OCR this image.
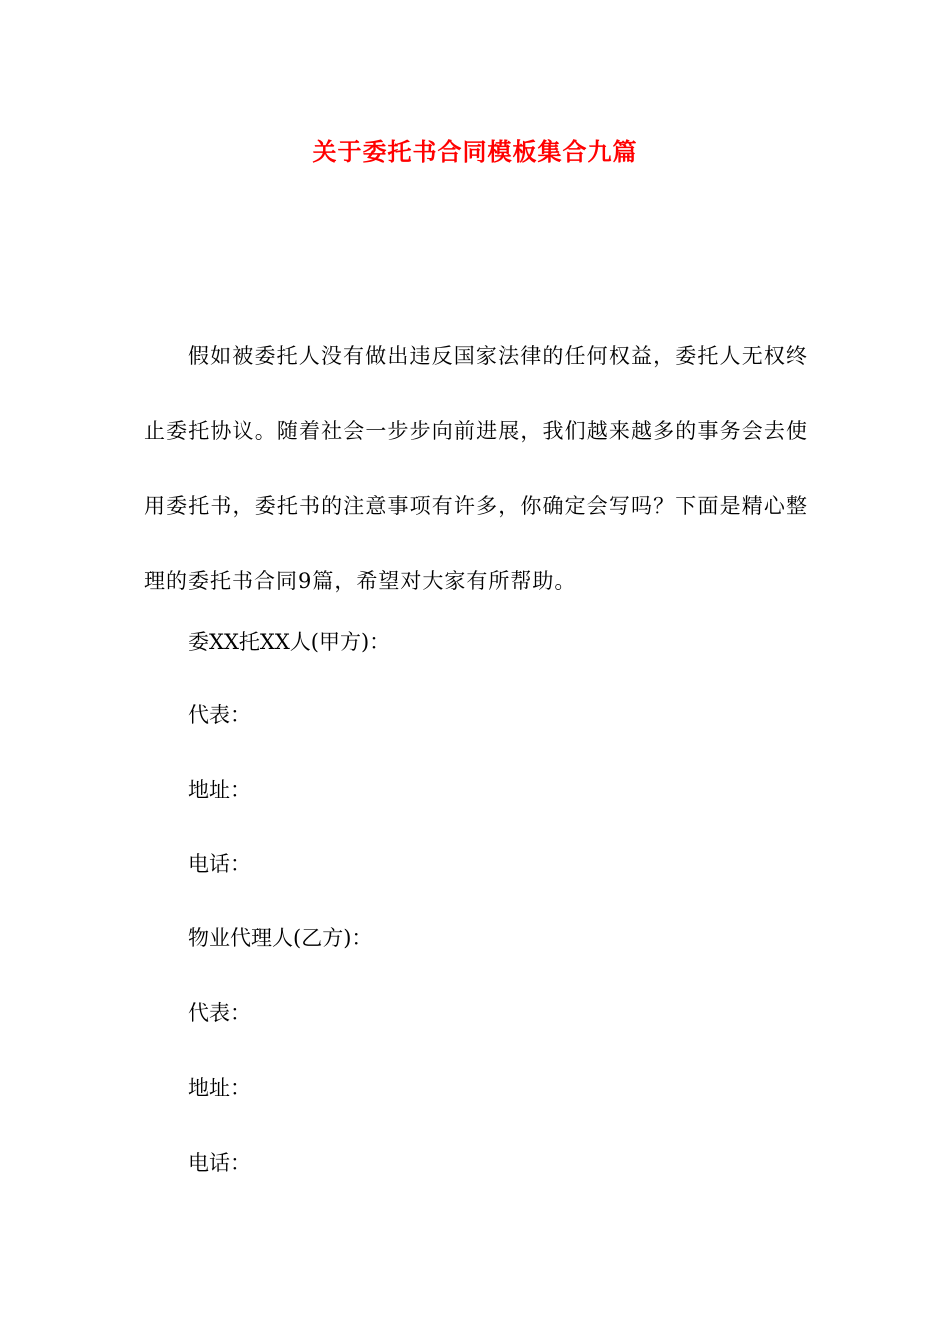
关于委托书合同模板集合九篇

假如被委托人没有做出违反国家法律的任何权益，委托人无权终止委托协议。随着社会一步步向前进展，我们越来越多的事务会去使用委托书，委托书的注意事项有许多，你确定会写吗？下面是精心整理的委托书合同9篇，希望对大家有所帮助。

委XX托XX人(甲方)：

代表：

地址：

电话：

物业代理人(乙方)：

代表：

地址：

电话：
